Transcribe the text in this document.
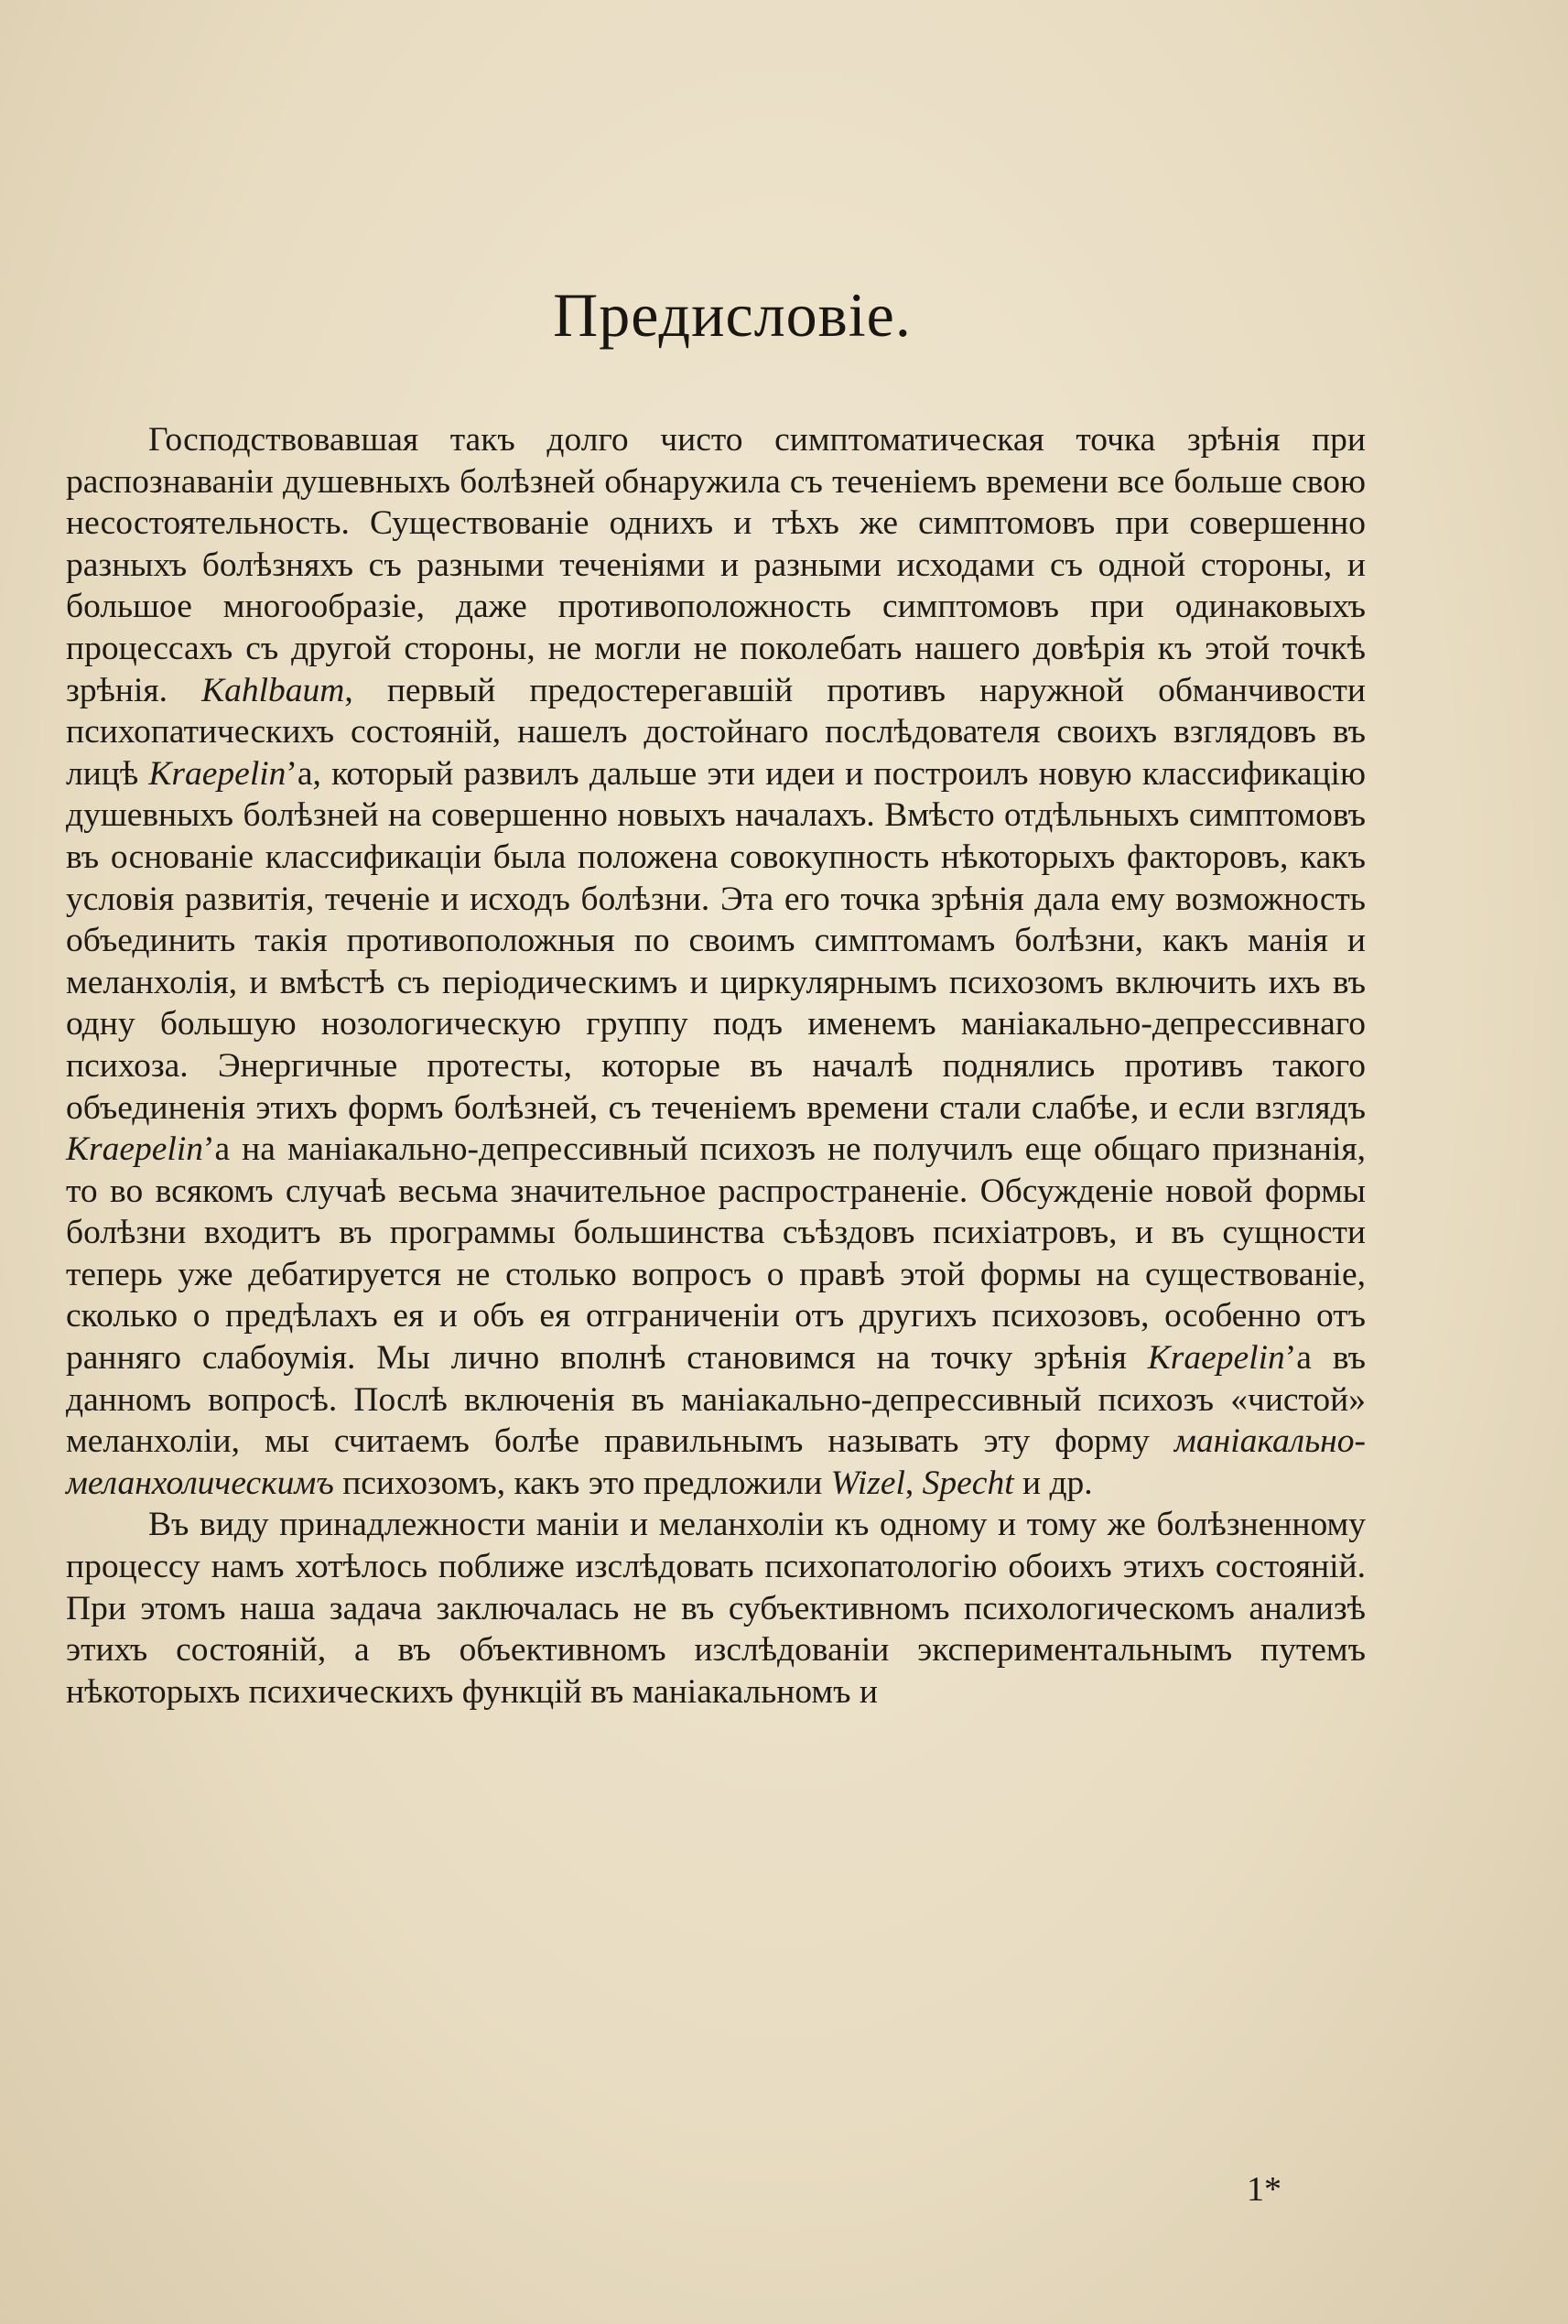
Предисловіе.

Господствовавшая такъ долго чисто симптоматическая точка зрѣнія при распознаваніи душевныхъ болѣзней обнаружила съ теченіемъ времени все больше свою несостоятельность. Существованіе однихъ и тѣхъ же симптомовъ при совершенно разныхъ болѣзняхъ съ разными теченіями и разными исходами съ одной стороны, и большое многообразіе, даже противоположность симптомовъ при одинаковыхъ процессахъ съ другой стороны, не могли не поколебать нашего довѣрія къ этой точкѣ зрѣнія. Kahlbaum, первый предостерегавшій противъ наружной обманчивости психопатическихъ состояній, нашелъ достойнаго послѣдователя своихъ взглядовъ въ лицѣ Kraepelin’а, который развилъ дальше эти идеи и построилъ новую классификацію душевныхъ болѣзней на совершенно новыхъ началахъ. Вмѣсто отдѣльныхъ симптомовъ въ основаніе классификаціи была положена совокупность нѣкоторыхъ факторовъ, какъ условія развитія, теченіе и исходъ болѣзни. Эта его точка зрѣнія дала ему возможность объединить такія противоположныя по своимъ симптомамъ болѣзни, какъ манія и меланхолія, и вмѣстѣ съ періодическимъ и циркулярнымъ психозомъ включить ихъ въ одну большую нозологическую группу подъ именемъ маніакально-депрессивнаго психоза. Энергичные протесты, которые въ началѣ поднялись противъ такого объединенія этихъ формъ болѣзней, съ теченіемъ времени стали слабѣе, и если взглядъ Kraepelin’а на маніакально-депрессивный психозъ не получилъ еще общаго признанія, то во всякомъ случаѣ весьма значительное распространеніе. Обсужденіе новой формы болѣзни входитъ въ программы большинства съѣздовъ психіатровъ, и въ сущности теперь уже дебатируется не столько вопросъ о правѣ этой формы на существованіе, сколько о предѣлахъ ея и объ ея отграниченіи отъ другихъ психозовъ, особенно отъ ранняго слабоумія. Мы лично вполнѣ становимся на точку зрѣнія Kraepelin’а въ данномъ вопросѣ. Послѣ включенія въ маніакально-депрессивный психозъ «чистой» меланхоліи, мы считаемъ болѣе правильнымъ называть эту форму маніакально-меланхолическимъ психозомъ, какъ это предложили Wizel, Specht и др.

Въ виду принадлежности маніи и меланхоліи къ одному и тому же болѣзненному процессу намъ хотѣлось поближе изслѣдовать психопатологію обоихъ этихъ состояній. При этомъ наша задача заключалась не въ субъективномъ психологическомъ анализѣ этихъ состояній, а въ объективномъ изслѣдованіи экспериментальнымъ путемъ нѣкоторыхъ психическихъ функцій въ маніакальномъ и

1*
